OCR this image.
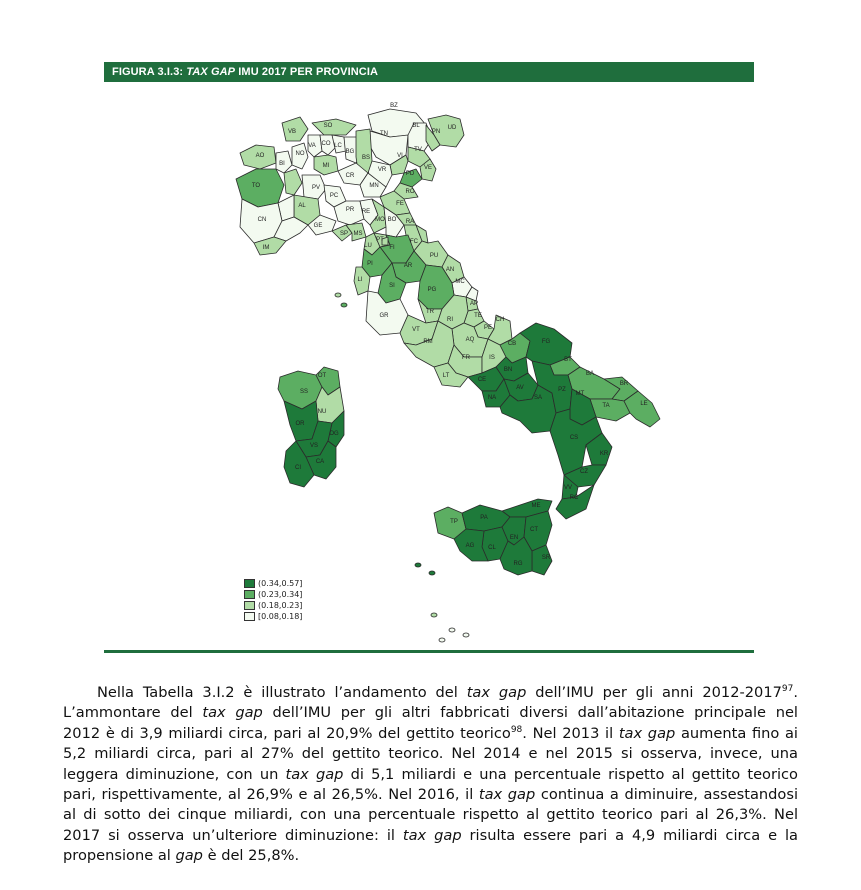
FIGURA 3.I.3: TAX GAP IMU 2017 PER PROVINCIA
BZ
TN
BL	UD
PN
TV
VI
VE
PD
VR
RO
SO
VB
AO
BI
NO
VA CO LC
BG
BS
MI
CR
MN
FE
TO	PV
AL
PC
PR RE
MO BO RA
FC
CN
GE
IM
SP MS
LU
PT
FI
PU
PI
LI
AR
SI
AN
MC
AP
PG
GR	TE
TR
RI
PE
AQ
CH
VT
RM
FR
LT
IS
CB	FG
CE
BN
NA
AV
BT
BA
BR
TA	LE
SA
PZ
MT
CS
KR
CZ
VV
RC
ME
TP
PA
CL
AG
EN
CT
SR
RG
SS
OT
NU
OG
OR
VS
CA
CI
(0.34,0.57]
(0.23,0.34]
(0.18,0.23]
[0.08,0.18]
Nella Tabella 3.I.2 è illustrato l’andamento del tax gap dell’IMU per gli anni 2012-2017$^{97}$.
L’ammontare del tax gap dell’IMU per gli altri fabbricati diversi dall’abitazione principale nel
2012 è di 3,9 miliardi circa, pari al 20,9% del gettito teorico$^{98}$. Nel 2013 il tax gap aumenta fino ai
5,2 miliardi circa, pari al 27% del gettito teorico. Nel 2014 e nel 2015 si osserva, invece, una
leggera diminuzione, con un tax gap di 5,1 miliardi e una percentuale rispetto al gettito teorico
pari, rispettivamente, al 26,9% e al 26,5%. Nel 2016, il tax gap continua a diminuire, assestandosi
al di sotto dei cinque miliardi, con una percentuale rispetto al gettito teorico pari al 26,3%. Nel
2017 si osserva un’ulteriore diminuzione: il tax gap risulta essere pari a 4,9 miliardi circa e la
propensione al gap è del 25,8%.
